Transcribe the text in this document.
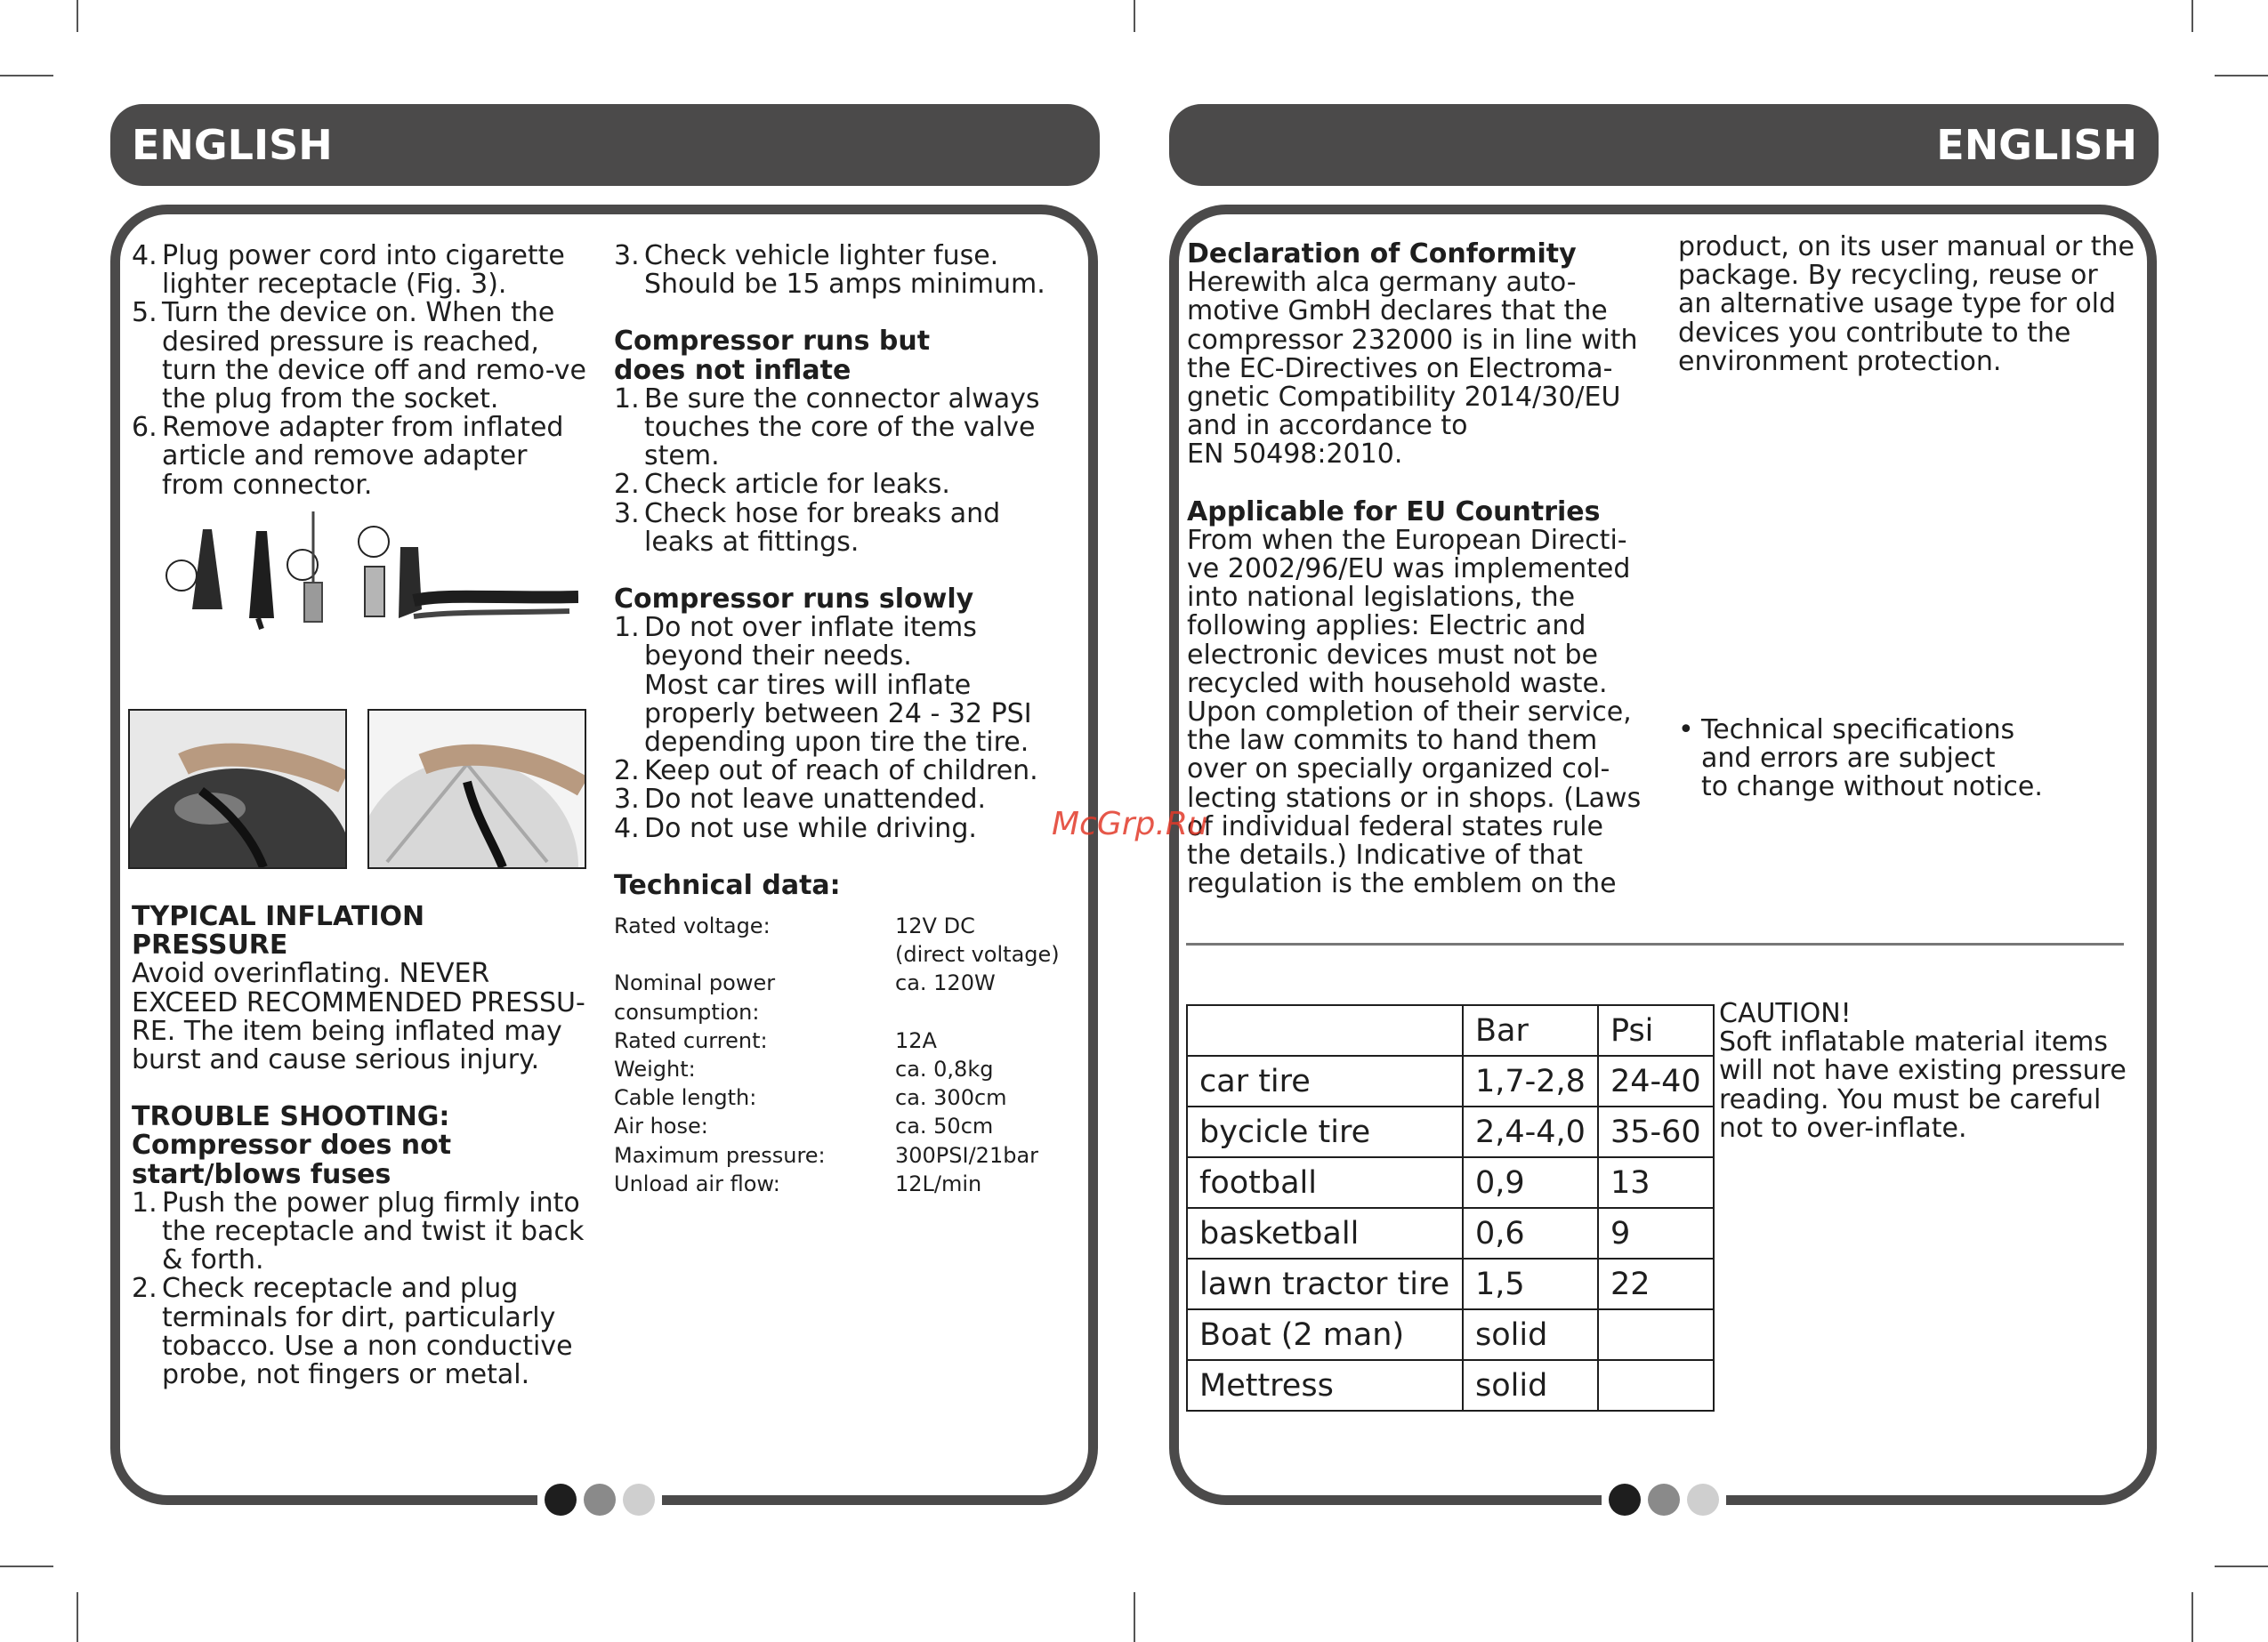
ENGLISH
4. Plug power cord into cigarette lighter receptacle (Fig. 3).
5. Turn the device on. When the desired pressure is reached, turn the device off and remo-ve the plug from the socket.
6. Remove adapter from inflated article and remove adapter from connector.

TYPICAL INFLATION

PRESSURE

Avoid overinflating. NEVER EXCEED RECOMMENDED PRESSU-RE. The item being inflated may burst and cause serious injury.

TROUBLE SHOOTING:

Compressor does not start/blows fuses

1. Push the power plug firmly into the receptacle and twist it back & forth.
2. Check receptacle and plug terminals for dirt, particularly tobacco. Use a non conductive probe, not fingers or metal.
3. Check vehicle lighter fuse.

Should be 15 amps minimum.

Compressor runs but

does not inflate

1. Be sure the connector always touches the core of the valve stem.
2. Check article for leaks.
3. Check hose for breaks and leaks at fittings.

Compressor runs slowly

1. Do not over inflate items
beyond their needs.
Most car tires will inflate
properly between 24 - 32 PSI
depending upon tire the tire.
2. Keep out of reach of children.
3. Do not leave unattended.
4. Do not use while driving.

Technical data:

Rated voltage:	12V DC
(direct voltage)
Nominal power	ca. 120W
consumption:
Rated current:	12A
Weight:	ca. 0,8kg
Cable length:	ca. 300cm
Air hose:	ca. 50cm
Maximum pressure:	300PSI/21bar
Unload air flow:	12L/min
ENGLISH

Declaration of Conformity

Herewith alca germany auto-

motive GmbH declares that the

compressor 232000 is in line with

the EC-Directives on Electroma-

gnetic Compatibility 2014/30/EU

and in accordance to

EN 50498:2010.

Applicable for EU Countries

From when the European Directi-

ve 2002/96/EU was implemented

into national legislations, the

following applies: Electric and

electronic devices must not be

recycled with household waste.

Upon completion of their service,

the law commits to hand them

over on specially organized col-

lecting stations or in shops. (Laws

of individual federal states rule

the details.) Indicative of that

regulation is the emblem on the

product, on its user manual or the

package. By recycling, reuse or

an alternative usage type for old

devices you contribute to the

environment protection.

• Technical specifications
and errors are subject
to change without notice.
	Bar	Psi
car tire	1,7-2,8	24-40
bycicle tire	2,4-4,0	35-60
football	0,9	13
basketball	0,6	9
lawn tractor tire	1,5	22
Boat (2 man)	solid	
Mettress	solid	

CAUTION!

Soft inflatable material items

will not have existing pressure

reading. You must be careful

not to over-inflate.

McGrp.Ru
